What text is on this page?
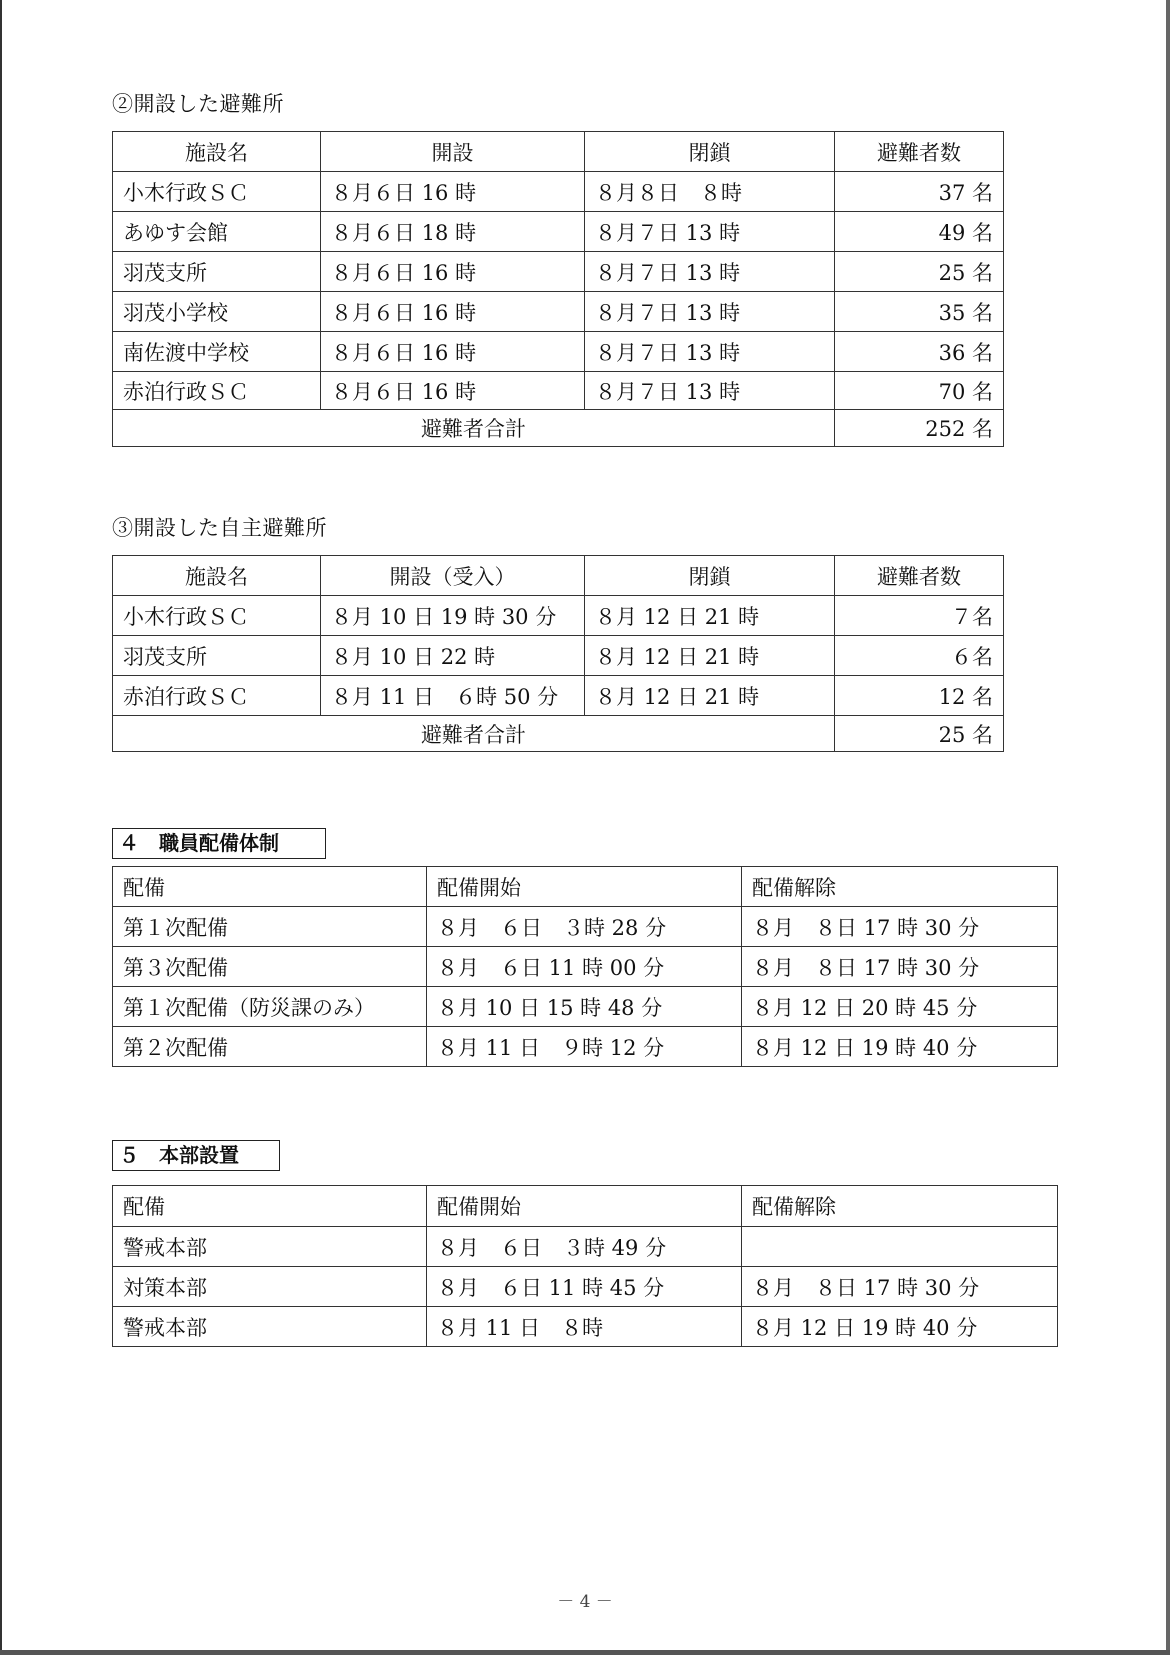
②開設した避難所
施設名	開設	閉鎖	避難者数
小木行政ＳＣ	８月６日 16 時	８月８日　８時	37 名
あゆす会館	８月６日 18 時	８月７日 13 時	49 名
羽茂支所	８月６日 16 時	８月７日 13 時	25 名
羽茂小学校	８月６日 16 時	８月７日 13 時	35 名
南佐渡中学校	８月６日 16 時	８月７日 13 時	36 名
赤泊行政ＳＣ	８月６日 16 時	８月７日 13 時	70 名
避難者合計			252 名
③開設した自主避難所
施設名	開設（受入）	閉鎖	避難者数
小木行政ＳＣ	８月 10 日 19 時 30 分	８月 12 日 21 時	７名
羽茂支所	８月 10 日 22 時	８月 12 日 21 時	６名
赤泊行政ＳＣ	８月 11 日　６時 50 分	８月 12 日 21 時	12 名
避難者合計			25 名
４　職員配備体制
配備	配備開始	配備解除
第１次配備	８月　６日　３時 28 分	８月　８日 17 時 30 分
第３次配備	８月　６日 11 時 00 分	８月　８日 17 時 30 分
第１次配備（防災課のみ）	８月 10 日 15 時 48 分	８月 12 日 20 時 45 分
第２次配備	８月 11 日　９時 12 分	８月 12 日 19 時 40 分
５　本部設置
配備	配備開始	配備解除
警戒本部	８月　６日　３時 49 分	
対策本部	８月　６日 11 時 45 分	８月　８日 17 時 30 分
警戒本部	８月 11 日　８時	８月 12 日 19 時 40 分
－ 4 －
